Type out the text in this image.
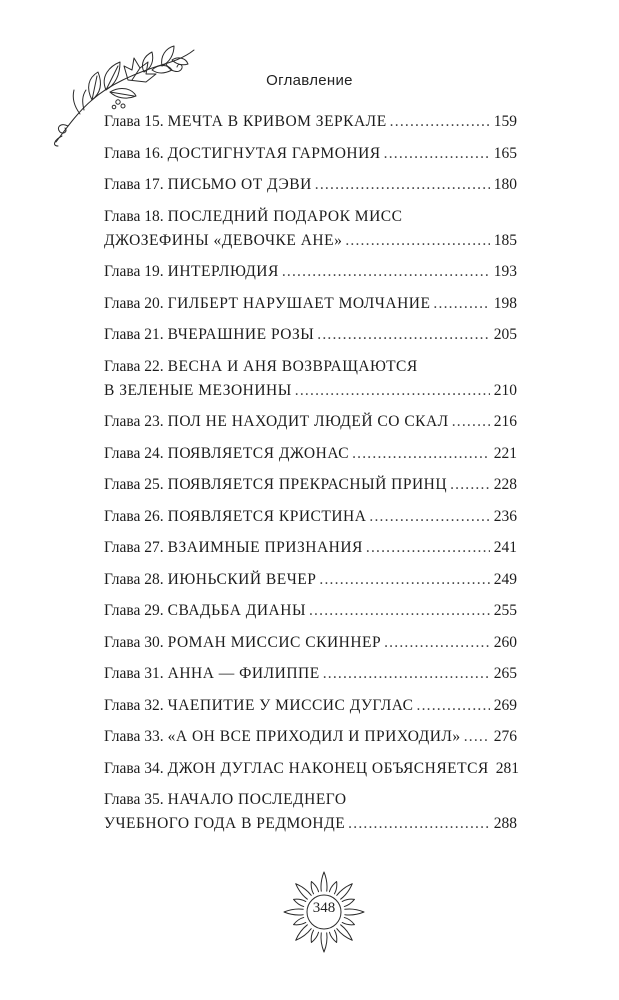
Оглавление
Глава 15. МЕЧТА В КРИВОМ ЗЕРКАЛЕ .....	159
Глава 16. ДОСТИГНУТАЯ ГАРМОНИЯ .....	165
Глава 17. ПИСЬМО ОТ ДЭВИ .....	180
Глава 18. ПОСЛЕДНИЙ ПОДАРОК МИСС
ДЖОЗЕФИНЫ «ДЕВОЧКЕ АНЕ» .....	185
Глава 19. ИНТЕРЛЮДИЯ .....	193
Глава 20. ГИЛБЕРТ НАРУШАЕТ МОЛЧАНИЕ .....	198
Глава 21. ВЧЕРАШНИЕ РОЗЫ .....	205
Глава 22. ВЕСНА И АНЯ ВОЗВРАЩАЮТСЯ
В ЗЕЛЕНЫЕ МЕЗОНИНЫ .....	210
Глава 23. ПОЛ НЕ НАХОДИТ ЛЮДЕЙ СО СКАЛ .....	216
Глава 24. ПОЯВЛЯЕТСЯ ДЖОНАС .....	221
Глава 25. ПОЯВЛЯЕТСЯ ПРЕКРАСНЫЙ ПРИНЦ .....	228
Глава 26. ПОЯВЛЯЕТСЯ КРИСТИНА .....	236
Глава 27. ВЗАИМНЫЕ ПРИЗНАНИЯ .....	241
Глава 28. ИЮНЬСКИЙ ВЕЧЕР .....	249
Глава 29. СВАДЬБА ДИАНЫ .....	255
Глава 30. РОМАН МИССИС СКИННЕР .....	260
Глава 31. АННА — ФИЛИППЕ .....	265
Глава 32. ЧАЕПИТИЕ У МИССИС ДУГЛАС .....	269
Глава 33. «А ОН ВСЕ ПРИХОДИЛ И ПРИХОДИЛ» ..... 276
Глава 34. ДЖОН ДУГЛАС НАКОНЕЦ ОБЪЯСНЯЕТСЯ 281
Глава 35. НАЧАЛО ПОСЛЕДНЕГО
УЧЕБНОГО ГОДА В РЕДМОНДЕ .....	288
348
